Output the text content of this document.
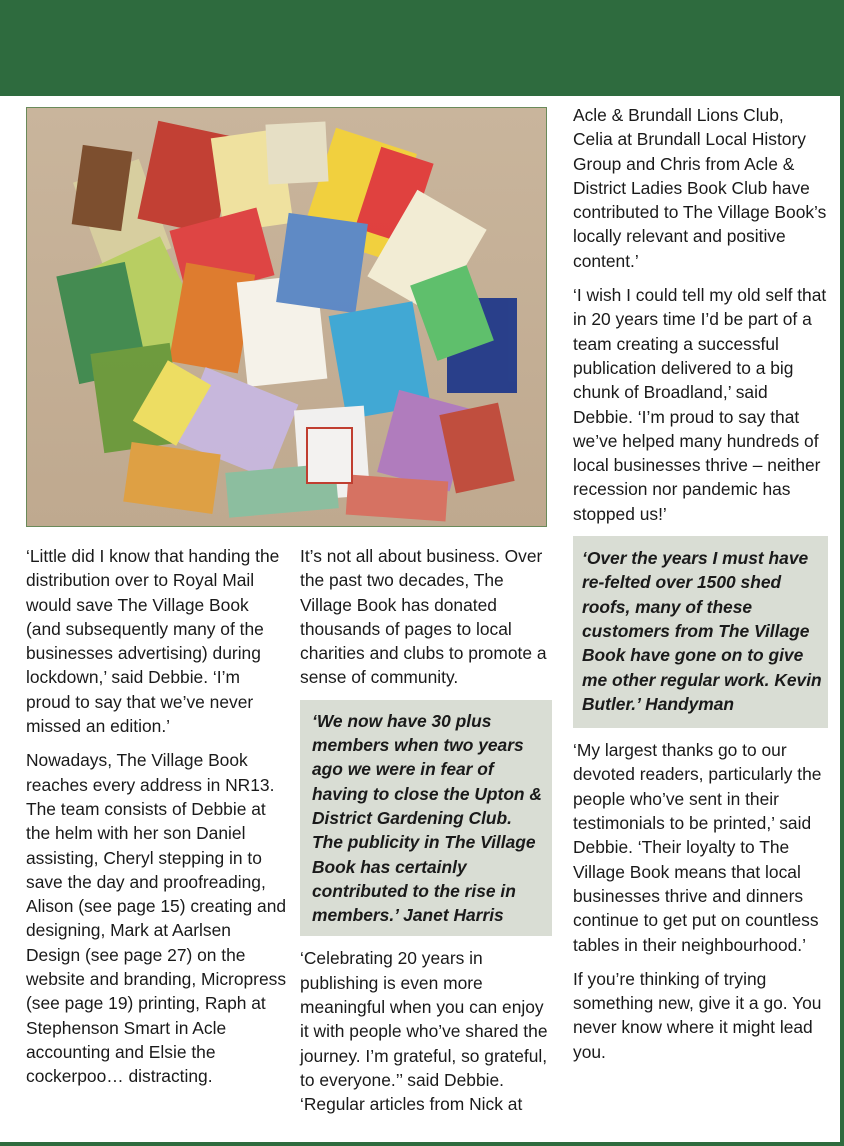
‘Little did I know that handing the distribution over to Royal Mail would save The Village Book (and subsequently many of the businesses advertising) during lockdown,’ said Debbie. ‘I’m proud to say that we’ve never missed an edition.’

Nowadays, The Village Book reaches every address in NR13. The team consists of Debbie at the helm with her son Daniel assisting, Cheryl stepping in to save the day and proofreading, Alison (see page 15) creating and designing, Mark at Aarlsen Design (see page 27) on the website and branding, Micropress (see page 19) printing, Raph at Stephenson Smart in Acle accounting and Elsie the cockerpoo… distracting.

It’s not all about business. Over the past two decades, The Village Book has donated thousands of pages to local charities and clubs to promote a sense of community.

‘We now have 30 plus members when two years ago we were in fear of having to close the Upton & District Gardening Club. The publicity in The Village Book has certainly contributed to the rise in members.’ Janet Harris

‘Celebrating 20 years in publishing is even more meaningful when you can enjoy it with people who’ve shared the journey. I’m grateful, so grateful, to everyone.’’ said Debbie. ‘Regular articles from Nick at

Acle & Brundall Lions Club, Celia at Brundall Local History Group and Chris from Acle & District Ladies Book Club have contributed to The Village Book’s locally relevant and positive content.’

‘I wish I could tell my old self that in 20 years time I’d be part of a team creating a successful publication delivered to a big chunk of Broadland,’ said Debbie. ‘I’m proud to say that we’ve helped many hundreds of local businesses thrive – neither recession nor pandemic has stopped us!’

‘Over the years I must have re-felted over 1500 shed roofs, many of these customers from The Village Book have gone on to give me other regular work. Kevin Butler.’ Handyman

‘My largest thanks go to our devoted readers, particularly the people who’ve sent in their testimonials to be printed,’ said Debbie. ‘Their loyalty to The Village Book means that local businesses thrive and dinners continue to get put on countless tables in their neighbourhood.’

If you’re thinking of trying something new, give it a go. You never know where it might lead you.
